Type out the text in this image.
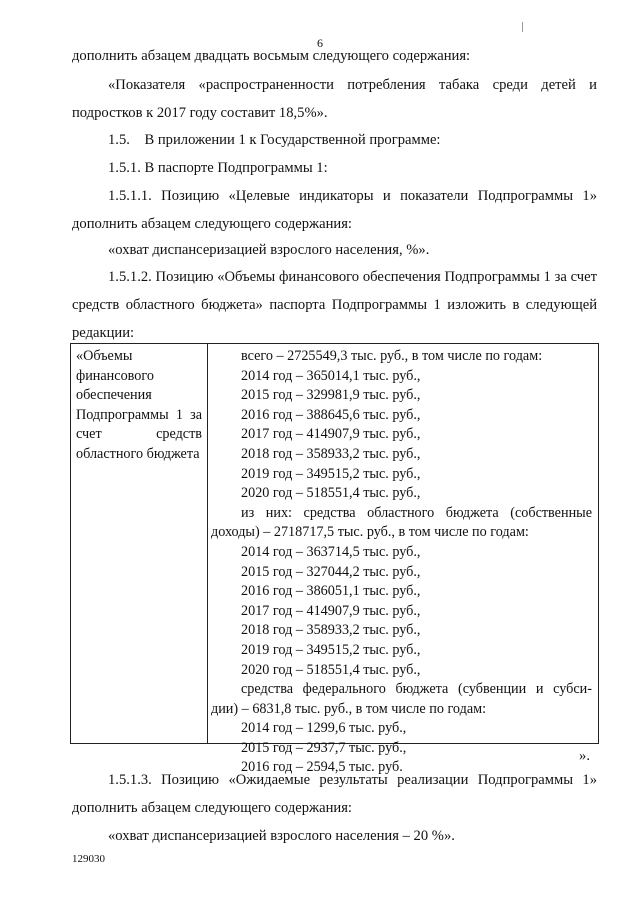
6

дополнить абзацем двадцать восьмым следующего содержания:

«Показателя «распространенности потребления табака среди детей и подростков к 2017 году составит 18,5%».

1.5.    В приложении 1 к Государственной программе:

1.5.1. В паспорте Подпрограммы 1:

1.5.1.1. Позицию «Целевые индикаторы и показатели Подпрограммы 1» дополнить абзацем следующего содержания:

«охват диспансеризацией взрослого населения, %».

1.5.1.2. Позицию «Объемы финансового обеспечения Подпрограммы 1 за счет средств областного бюджета» паспорта Подпрограммы 1 изложить в следующей редакции:

«Объемы финансового обеспечения Подпрограммы 1 за счет средств областного бюджета
всего – 2725549,3 тыс. руб., в том числе по годам:
2014 год – 365014,1 тыс. руб.,
2015 год – 329981,9 тыс. руб.,
2016 год – 388645,6 тыс. руб.,
2017 год – 414907,9 тыс. руб.,
2018 год – 358933,2 тыс. руб.,
2019 год – 349515,2 тыс. руб.,
2020 год – 518551,4 тыс. руб.,
из них: средства областного бюджета (собственные
доходы) – 2718717,5 тыс. руб., в том числе по годам:
2014 год – 363714,5 тыс. руб.,
2015 год – 327044,2 тыс. руб.,
2016 год – 386051,1 тыс. руб.,
2017 год – 414907,9 тыс. руб.,
2018 год – 358933,2 тыс. руб.,
2019 год – 349515,2 тыс. руб.,
2020 год – 518551,4 тыс. руб.,
средства федерального бюджета (субвенции и субси-
дии) – 6831,8 тыс. руб., в том числе по годам:
2014 год – 1299,6 тыс. руб.,
2015 год – 2937,7 тыс. руб.,
2016 год – 2594,5 тыс. руб.
».

1.5.1.3. Позицию «Ожидаемые результаты реализации Подпрограммы 1» дополнить абзацем следующего содержания:

«охват диспансеризацией взрослого населения – 20 %».

129030
